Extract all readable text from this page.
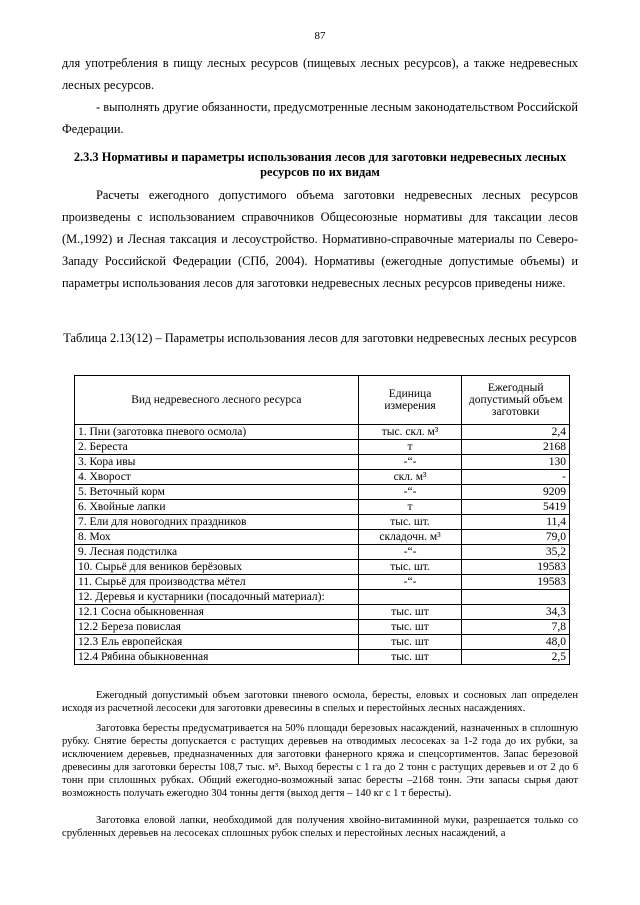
87
для употребления в пищу лесных ресурсов (пищевых лесных ресурсов), а также недревесных лесных ресурсов.
- выполнять другие обязанности, предусмотренные лесным законодательством Российской Федерации.
2.3.3 Нормативы и параметры использования лесов для заготовки недревесных лесных ресурсов по их видам
Расчеты ежегодного допустимого объема заготовки недревесных лесных ресурсов произведены с использованием справочников Общесоюзные нормативы для таксации лесов (М.,1992) и Лесная таксация и лесоустройство. Нормативно-справочные материалы по Северо-Западу Российской Федерации (СПб, 2004). Нормативы (ежегодные допустимые объемы) и параметры использования лесов для заготовки недревесных лесных ресурсов приведены ниже.
Таблица 2.13(12) – Параметры использования лесов для заготовки недревесных лесных ресурсов
Вид недревесного лесного ресурса	Единица измерения	Ежегодный допустимый объем заготовки
1. Пни (заготовка пневого осмола)	тыс. скл. м³	2,4
2. Береста	т	2168
3. Кора ивы	-“-	130
4. Хворост	скл. м³	-
5. Веточный корм	-“-	9209
6. Хвойные лапки	т	5419
7. Ели для новогодних праздников	тыс. шт.	11,4
8. Мох	складочн. м³	79,0
9. Лесная подстилка	-“-	35,2
10. Сырьё для веников берёзовых	тыс. шт.	19583
11. Сырьё для производства мётел	-“-	19583
12. Деревья и кустарники (посадочный материал):		
12.1 Сосна обыкновенная	тыс. шт	34,3
12.2 Береза повислая	тыс. шт	7,8
12.3 Ель европейская	тыс. шт	48,0
12.4 Рябина обыкновенная	тыс. шт	2,5
Ежегодный допустимый объем заготовки пневого осмола, бересты, еловых и сосновых лап определен исходя из расчетной лесосеки для заготовки древесины в спелых и перестойных лесных насаждениях.
Заготовка бересты предусматривается на 50% площади березовых насаждений, назначенных в сплошную рубку. Снятие бересты допускается с растущих деревьев на отводимых лесосеках за 1-2 года до их рубки, за исключением деревьев, предназначенных для заготовки фанерного кряжа и спецсортиментов. Запас березовой древесины для заготовки бересты 108,7 тыс. м³. Выход бересты с 1 га до 2 тонн с растущих деревьев и от 2 до 6 тонн при сплошных рубках. Общий ежегодно-возможный запас бересты –2168 тонн. Эти запасы сырья дают возможность получать ежегодно 304 тонны дегтя (выход дегтя – 140 кг с 1 т бересты).
Заготовка еловой лапки, необходимой для получения хвойно-витаминной муки, разрешается только со срубленных деревьев на лесосеках сплошных рубок спелых и перестойных лесных насаждений, а
